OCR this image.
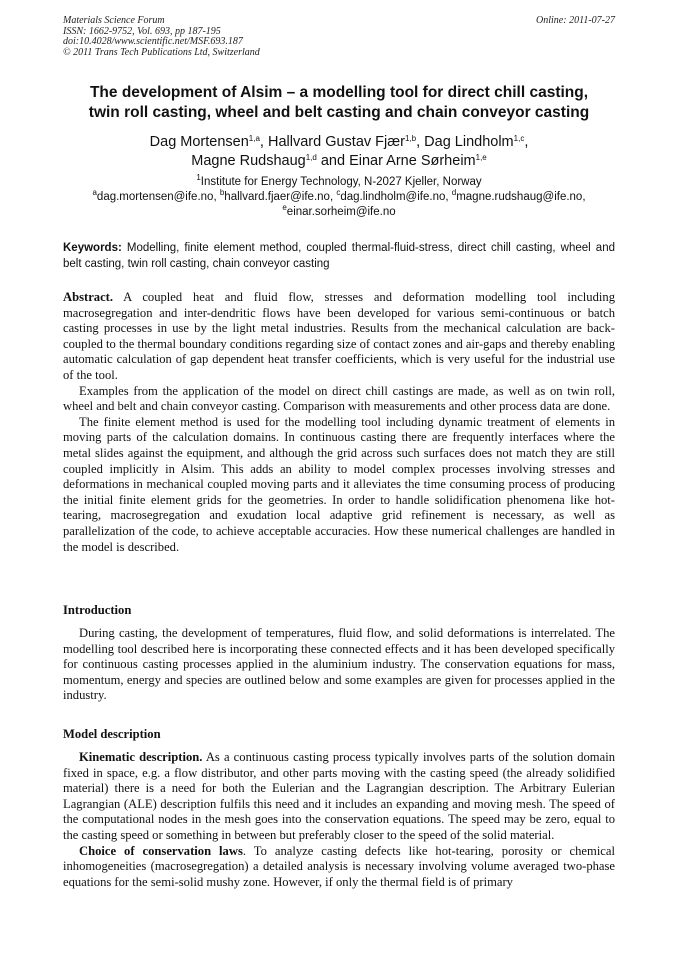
Materials Science Forum
ISSN: 1662-9752, Vol. 693, pp 187-195
doi:10.4028/www.scientific.net/MSF.693.187
© 2011 Trans Tech Publications Ltd, Switzerland
Online: 2011-07-27
The development of Alsim – a modelling tool for direct chill casting,
twin roll casting, wheel and belt casting and chain conveyor casting
Dag Mortensen$^{1,a}$, Hallvard Gustav Fjær$^{1,b}$, Dag Lindholm$^{1,c}$,
Magne Rudshaug$^{1,d}$ and Einar Arne Sørheim$^{1,e}$
$^1$Institute for Energy Technology, N-2027 Kjeller, Norway
$^a$dag.mortensen@ife.no, $^b$hallvard.fjaer@ife.no, $^c$dag.lindholm@ife.no, $^d$magne.rudshaug@ife.no,
$^e$einar.sorheim@ife.no
Keywords: Modelling, finite element method, coupled thermal-fluid-stress, direct chill casting, wheel and belt casting, twin roll casting, chain conveyor casting

Abstract. A coupled heat and fluid flow, stresses and deformation modelling tool including macrosegregation and inter-dendritic flows have been developed for various semi-continuous or batch casting processes in use by the light metal industries. Results from the mechanical calculation are back-coupled to the thermal boundary conditions regarding size of contact zones and air-gaps and thereby enabling automatic calculation of gap dependent heat transfer coefficients, which is very useful for the industrial use of the tool.

Examples from the application of the model on direct chill castings are made, as well as on twin roll, wheel and belt and chain conveyor casting. Comparison with measurements and other process data are done.

The finite element method is used for the modelling tool including dynamic treatment of elements in moving parts of the calculation domains. In continuous casting there are frequently interfaces where the metal slides against the equipment, and although the grid across such surfaces does not match they are still coupled implicitly in Alsim. This adds an ability to model complex processes involving stresses and deformations in mechanical coupled moving parts and it alleviates the time consuming process of producing the initial finite element grids for the geometries. In order to handle solidification phenomena like hot-tearing, macrosegregation and exudation local adaptive grid refinement is necessary, as well as parallelization of the code, to achieve acceptable accuracies. How these numerical challenges are handled in the model is described.

Introduction

During casting, the development of temperatures, fluid flow, and solid deformations is interrelated. The modelling tool described here is incorporating these connected effects and it has been developed specifically for continuous casting processes applied in the aluminium industry. The conservation equations for mass, momentum, energy and species are outlined below and some examples are given for processes applied in the industry.

Model description

Kinematic description. As a continuous casting process typically involves parts of the solution domain fixed in space, e.g. a flow distributor, and other parts moving with the casting speed (the already solidified material) there is a need for both the Eulerian and the Lagrangian description. The Arbitrary Eulerian Lagrangian (ALE) description fulfils this need and it includes an expanding and moving mesh. The speed of the computational nodes in the mesh goes into the conservation equations. The speed may be zero, equal to the casting speed or something in between but preferably closer to the speed of the solid material.

Choice of conservation laws. To analyze casting defects like hot-tearing, porosity or chemical inhomogeneities (macrosegregation) a detailed analysis is necessary involving volume averaged two-phase equations for the semi-solid mushy zone. However, if only the thermal field is of primary
